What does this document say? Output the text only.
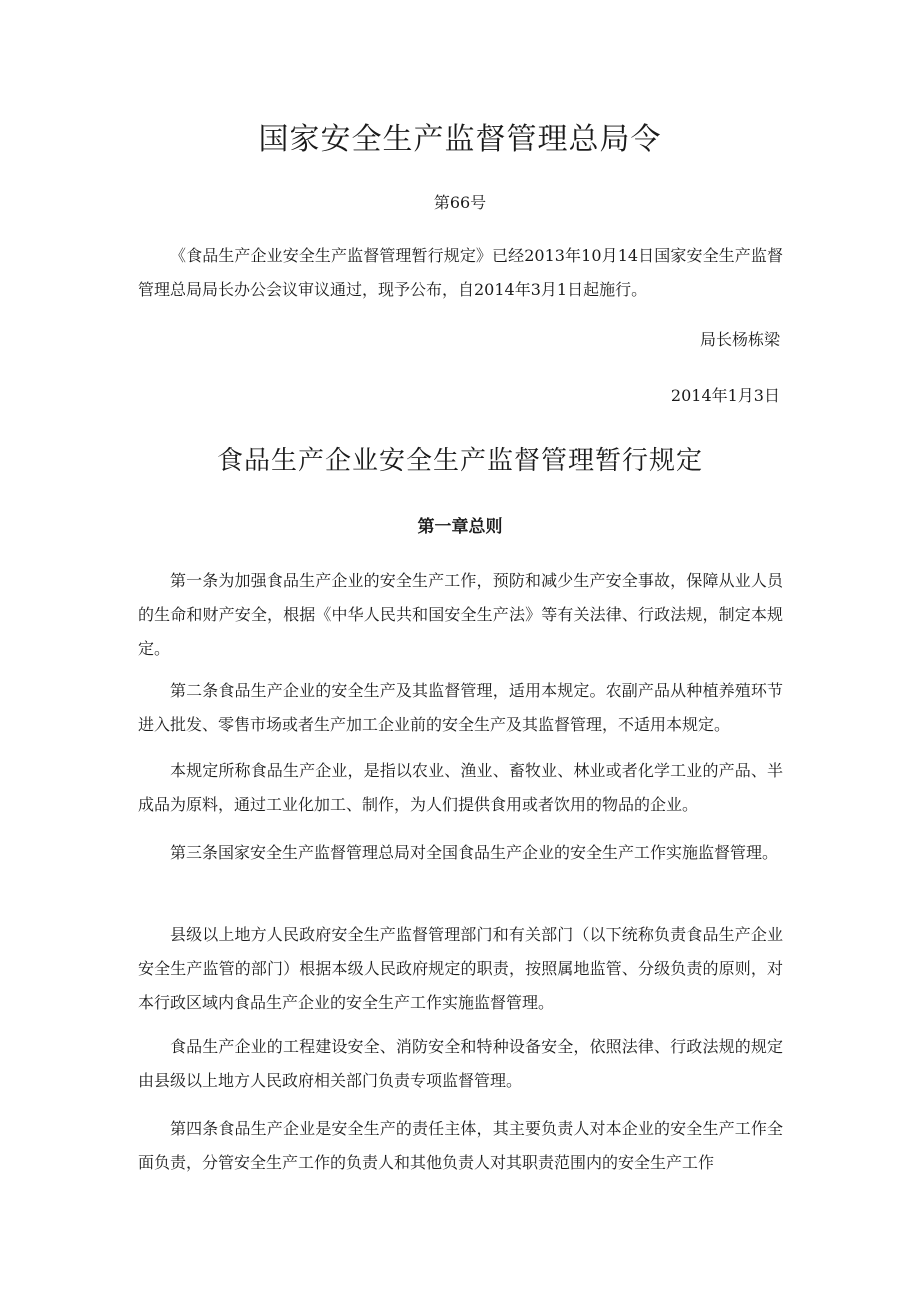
国家安全生产监督管理总局令

第66号

《食品生产企业安全生产监督管理暂行规定》已经2013年10月14日国家安全生产监督管理总局局长办公会议审议通过，现予公布，自2014年3月1日起施行。

局长杨栋梁

2014年1月3日

食品生产企业安全生产监督管理暂行规定
第一章总则

第一条为加强食品生产企业的安全生产工作，预防和减少生产安全事故，保障从业人员的生命和财产安全，根据《中华人民共和国安全生产法》等有关法律、行政法规，制定本规定。

第二条食品生产企业的安全生产及其监督管理，适用本规定。农副产品从种植养殖环节进入批发、零售市场或者生产加工企业前的安全生产及其监督管理，不适用本规定。

本规定所称食品生产企业，是指以农业、渔业、畜牧业、林业或者化学工业的产品、半成品为原料，通过工业化加工、制作，为人们提供食用或者饮用的物品的企业。

第三条国家安全生产监督管理总局对全国食品生产企业的安全生产工作实施监督管理。

县级以上地方人民政府安全生产监督管理部门和有关部门（以下统称负责食品生产企业安全生产监管的部门）根据本级人民政府规定的职责，按照属地监管、分级负责的原则，对本行政区域内食品生产企业的安全生产工作实施监督管理。

食品生产企业的工程建设安全、消防安全和特种设备安全，依照法律、行政法规的规定由县级以上地方人民政府相关部门负责专项监督管理。

第四条食品生产企业是安全生产的责任主体，其主要负责人对本企业的安全生产工作全面负责，分管安全生产工作的负责人和其他负责人对其职责范围内的安全生产工作
